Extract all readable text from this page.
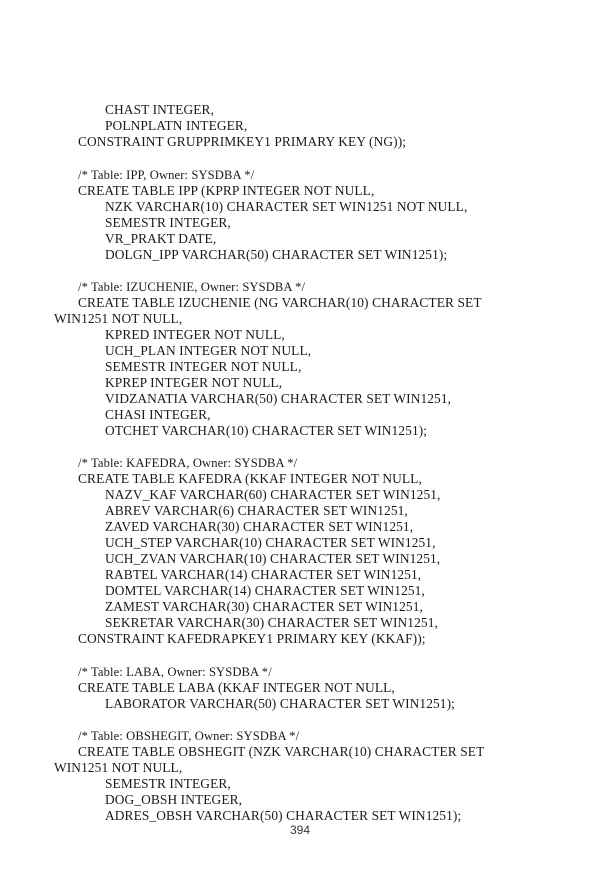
CHAST INTEGER,
POLNPLATN INTEGER,
CONSTRAINT GRUPPRIMKEY1 PRIMARY KEY (NG));
/* Table: IPP, Owner: SYSDBA */
CREATE TABLE IPP (KPRP INTEGER NOT NULL,
NZK VARCHAR(10) CHARACTER SET WIN1251 NOT NULL,
SEMESTR INTEGER,
VR_PRAKT DATE,
DOLGN_IPP VARCHAR(50) CHARACTER SET WIN1251);
/* Table: IZUCHENIE, Owner: SYSDBA */
CREATE TABLE IZUCHENIE (NG VARCHAR(10) CHARACTER SET
WIN1251 NOT NULL,
KPRED INTEGER NOT NULL,
UCH_PLAN INTEGER NOT NULL,
SEMESTR INTEGER NOT NULL,
KPREP INTEGER NOT NULL,
VIDZANATIA VARCHAR(50) CHARACTER SET WIN1251,
CHASI INTEGER,
OTCHET VARCHAR(10) CHARACTER SET WIN1251);
/* Table: KAFEDRA, Owner: SYSDBA */
CREATE TABLE KAFEDRA (KKAF INTEGER NOT NULL,
NAZV_KAF VARCHAR(60) CHARACTER SET WIN1251,
ABREV VARCHAR(6) CHARACTER SET WIN1251,
ZAVED VARCHAR(30) CHARACTER SET WIN1251,
UCH_STEP VARCHAR(10) CHARACTER SET WIN1251,
UCH_ZVAN VARCHAR(10) CHARACTER SET WIN1251,
RABTEL VARCHAR(14) CHARACTER SET WIN1251,
DOMTEL VARCHAR(14) CHARACTER SET WIN1251,
ZAMEST VARCHAR(30) CHARACTER SET WIN1251,
SEKRETAR VARCHAR(30) CHARACTER SET WIN1251,
CONSTRAINT KAFEDRAPKEY1 PRIMARY KEY (KKAF));
/* Table: LABA, Owner: SYSDBA */
CREATE TABLE LABA (KKAF INTEGER NOT NULL,
LABORATOR VARCHAR(50) CHARACTER SET WIN1251);
/* Table: OBSHEGIT, Owner: SYSDBA */
CREATE TABLE OBSHEGIT (NZK VARCHAR(10) CHARACTER SET
WIN1251 NOT NULL,
SEMESTR INTEGER,
DOG_OBSH INTEGER,
ADRES_OBSH VARCHAR(50) CHARACTER SET WIN1251);
394
